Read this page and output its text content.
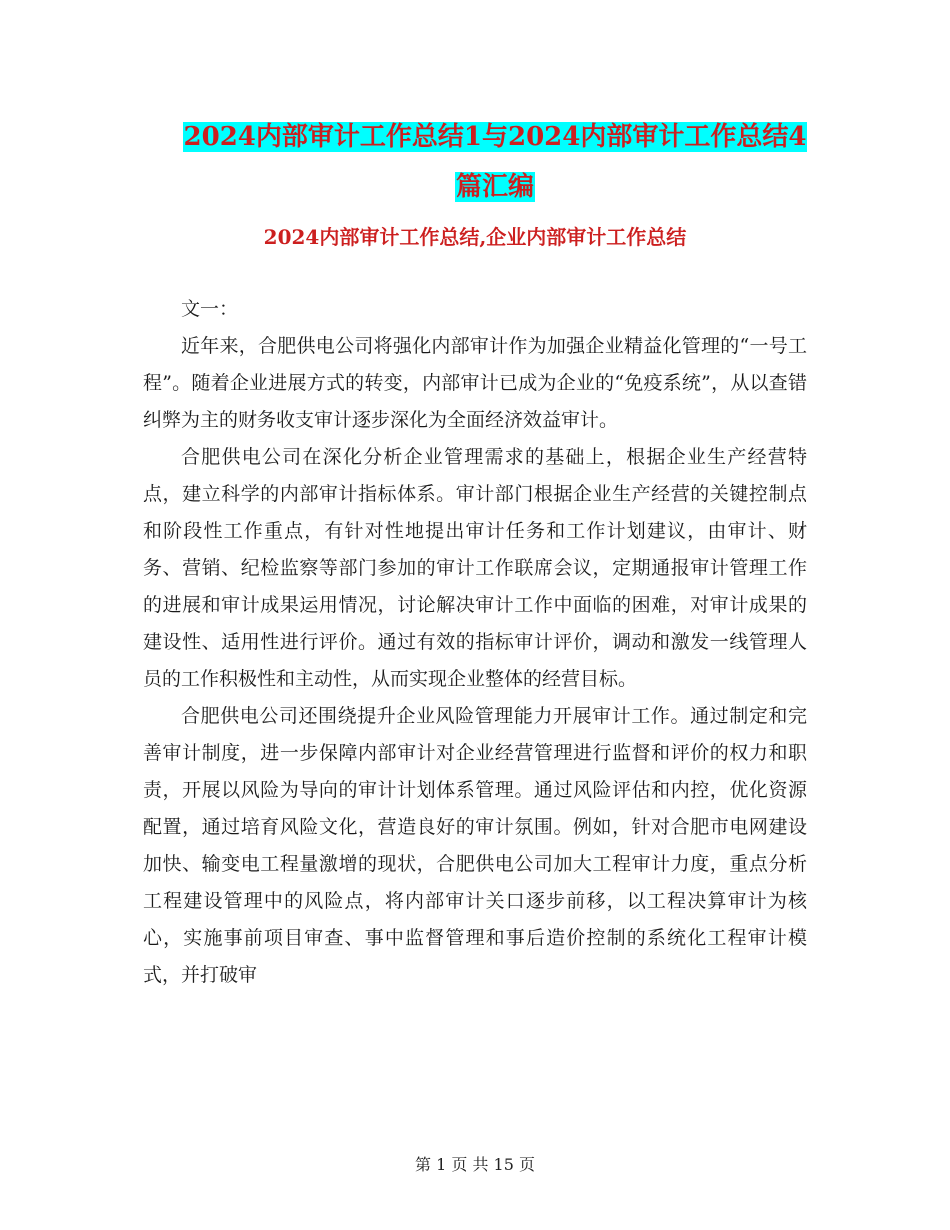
2024内部审计工作总结1与2024内部审计工作总结4
篇汇编
2024内部审计工作总结,企业内部审计工作总结

文一：

近年来，合肥供电公司将强化内部审计作为加强企业精益化管理的“一号工程”。随着企业进展方式的转变，内部审计已成为企业的“免疫系统”，从以查错纠弊为主的财务收支审计逐步深化为全面经济效益审计。

合肥供电公司在深化分析企业管理需求的基础上，根据企业生产经营特点，建立科学的内部审计指标体系。审计部门根据企业生产经营的关键控制点和阶段性工作重点，有针对性地提出审计任务和工作计划建议，由审计、财务、营销、纪检监察等部门参加的审计工作联席会议，定期通报审计管理工作的进展和审计成果运用情况，讨论解决审计工作中面临的困难，对审计成果的建设性、适用性进行评价。通过有效的指标审计评价，调动和激发一线管理人员的工作积极性和主动性，从而实现企业整体的经营目标。

合肥供电公司还围绕提升企业风险管理能力开展审计工作。通过制定和完善审计制度，进一步保障内部审计对企业经营管理进行监督和评价的权力和职责，开展以风险为导向的审计计划体系管理。通过风险评估和内控，优化资源配置，通过培育风险文化，营造良好的审计氛围。例如，针对合肥市电网建设加快、输变电工程量激增的现状，合肥供电公司加大工程审计力度，重点分析工程建设管理中的风险点，将内部审计关口逐步前移，以工程决算审计为核心，实施事前项目审查、事中监督管理和事后造价控制的系统化工程审计模式，并打破审

第 1 页 共 15 页
